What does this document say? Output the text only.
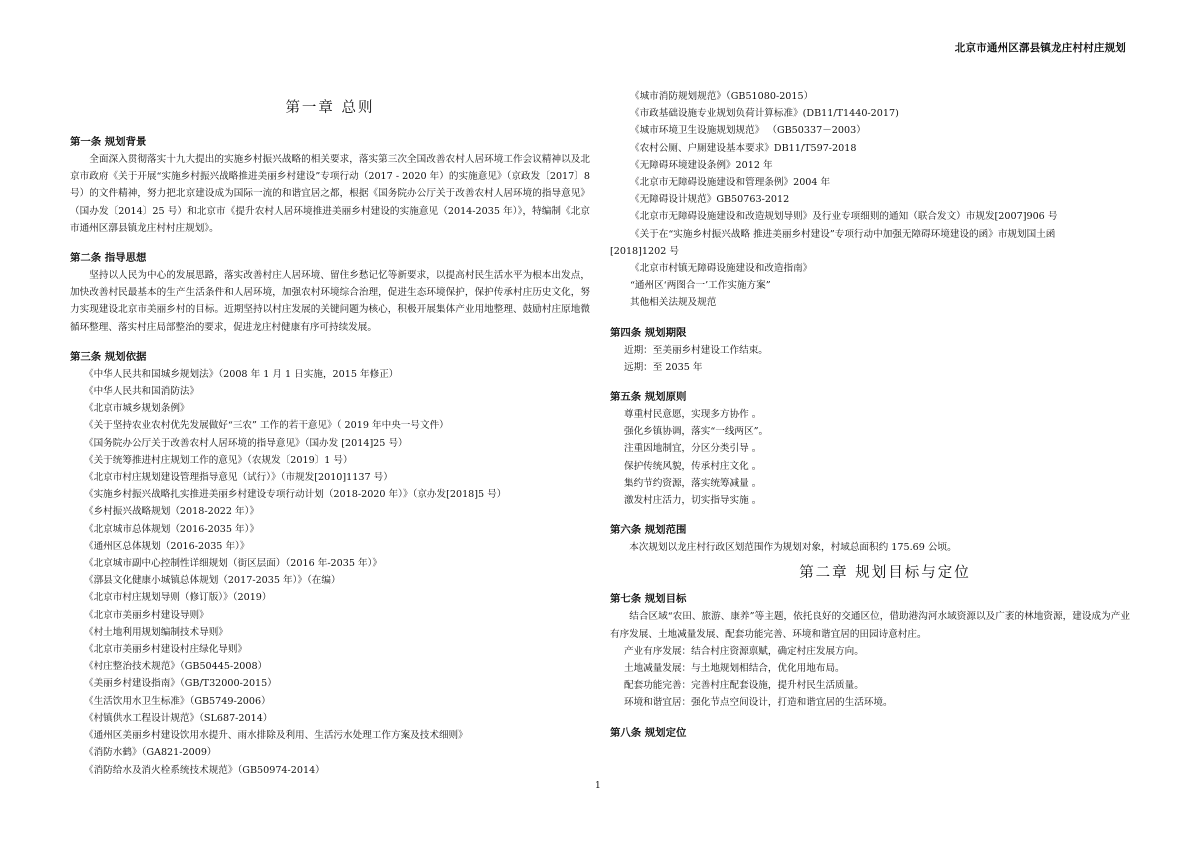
北京市通州区漷县镇龙庄村村庄规划
第一章 总则

第一条 规划背景

全面深入贯彻落实十九大提出的实施乡村振兴战略的相关要求，落实第三次全国改善农村人居环境工作会议精神以及北京市政府《关于开展“实施乡村振兴战略推进美丽乡村建设”专项行动（2017 - 2020 年）的实施意见》（京政发〔2017〕8 号）的文件精神，努力把北京建设成为国际一流的和谐宜居之都，根据《国务院办公厅关于改善农村人居环境的指导意见》（国办发〔2014〕25 号）和北京市《提升农村人居环境推进美丽乡村建设的实施意见（2014-2035 年）》，特编制《北京市通州区漷县镇龙庄村村庄规划》。

第二条 指导思想

坚持以人民为中心的发展思路，落实改善村庄人居环境、留住乡愁记忆等新要求，以提高村民生活水平为根本出发点，加快改善村民最基本的生产生活条件和人居环境，加强农村环境综合治理，促进生态环境保护，保护传承村庄历史文化，努力实现建设北京市美丽乡村的目标。近期坚持以村庄发展的关键问题为核心，积极开展集体产业用地整理、鼓励村庄原地微循环整理、落实村庄局部整治的要求，促进龙庄村健康有序可持续发展。

第三条 规划依据

《中华人民共和国城乡规划法》（2008 年 1 月 1 日实施，2015 年修正）

《中华人民共和国消防法》

《北京市城乡规划条例》

《关于坚持农业农村优先发展做好“三农” 工作的若干意见》（ 2019 年中央一号文件）

《国务院办公厅关于改善农村人居环境的指导意见》（国办发 [2014]25 号）

《关于统筹推进村庄规划工作的意见》（农规发〔2019〕1 号）

《北京市村庄规划建设管理指导意见（试行）》（市规发[2010]1137 号）

《实施乡村振兴战略扎实推进美丽乡村建设专项行动计划（2018-2020 年）》（京办发[2018]5 号）

《乡村振兴战略规划（2018-2022 年）》

《北京城市总体规划（2016-2035 年）》

《通州区总体规划（2016-2035 年）》

《北京城市副中心控制性详细规划（街区层面）（2016 年-2035 年）》

《漷县文化健康小城镇总体规划（2017-2035 年）》（在编）

《北京市村庄规划导则（修订版）》（2019）

《北京市美丽乡村建设导则》

《村土地利用规划编制技术导则》

《北京市美丽乡村建设村庄绿化导则》

《村庄整治技术规范》（GB50445-2008）

《美丽乡村建设指南》（GB/T32000-2015）

《生活饮用水卫生标准》（GB5749-2006）

《村镇供水工程设计规范》（SL687-2014）

《通州区美丽乡村建设饮用水提升、雨水排除及利用、生活污水处理工作方案及技术细则》

《消防水鹤》（GA821-2009）

《消防给水及消火栓系统技术规范》（GB50974-2014）

《城市消防规划规范》（GB51080-2015）

《市政基础设施专业规划负荷计算标准》(DB11/T1440-2017)

《城市环境卫生设施规划规范》 （GB50337－2003）

《农村公厕、户厕建设基本要求》DB11/T597-2018

《无障碍环境建设条例》2012 年

《北京市无障碍设施建设和管理条例》2004 年

《无障碍设计规范》GB50763-2012

《北京市无障碍设施建设和改造规划导则》及行业专项细则的通知（联合发文）市规发[2007]906 号

《关于在“实施乡村振兴战略 推进美丽乡村建设”专项行动中加强无障碍环境建设的函》市规划国土函

[2018]1202 号

《北京市村镇无障碍设施建设和改造指南》

“通州区‘两图合一’工作实施方案”

其他相关法规及规范

第四条 规划期限

近期：至美丽乡村建设工作结束。

远期：至 2035 年

第五条 规划原则

尊重村民意愿，实现多方协作 。

强化乡镇协调，落实“一线两区”。

注重因地制宜，分区分类引导 。

保护传统风貌，传承村庄文化 。

集约节约资源，落实统筹减量 。

激发村庄活力，切实指导实施 。

第六条 规划范围

本次规划以龙庄村行政区划范围作为规划对象，村域总面积约 175.69 公顷。

第二章 规划目标与定位

第七条 规划目标

结合区域“农田、旅游、康养”等主题，依托良好的交通区位，借助港沟河水域资源以及广袤的林地资源，建设成为产业有序发展、土地减量发展、配套功能完善、环境和谐宜居的田园诗意村庄。

产业有序发展：结合村庄资源禀赋，确定村庄发展方向。

土地减量发展：与土地规划相结合，优化用地布局。

配套功能完善：完善村庄配套设施，提升村民生活质量。

环境和谐宜居：强化节点空间设计，打造和谐宜居的生活环境。

第八条 规划定位

1
